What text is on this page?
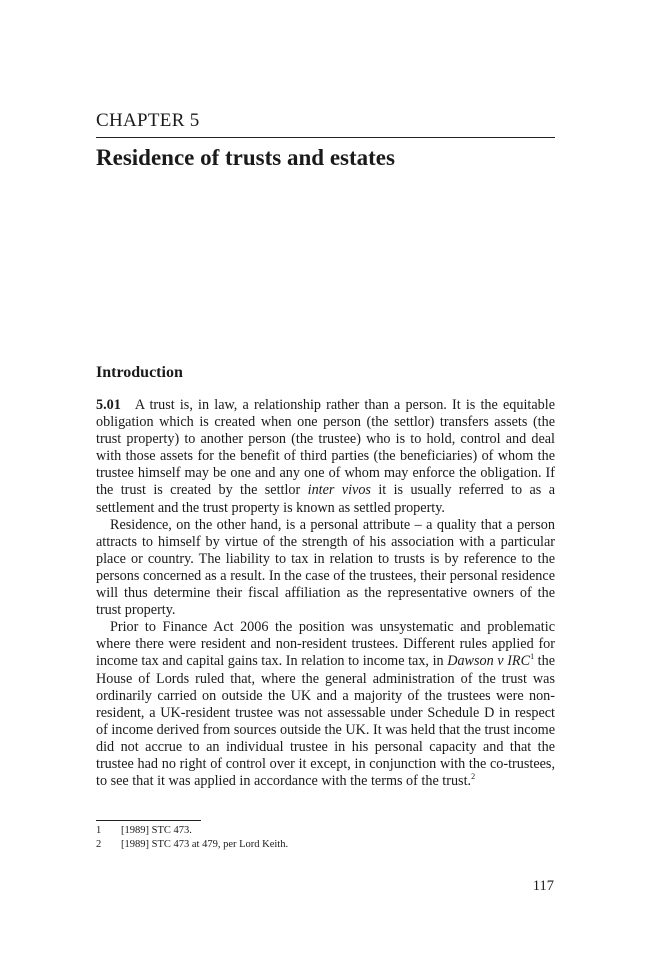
CHAPTER 5
Residence of trusts and estates
Introduction

5.01 A trust is, in law, a relationship rather than a person. It is the equitable obligation which is created when one person (the settlor) transfers assets (the trust property) to another person (the trustee) who is to hold, control and deal with those assets for the benefit of third parties (the beneficiaries) of whom the trustee himself may be one and any one of whom may enforce the obligation. If the trust is created by the settlor inter vivos it is usually referred to as a settlement and the trust property is known as settled property.

Residence, on the other hand, is a personal attribute – a quality that a person attracts to himself by virtue of the strength of his association with a particular place or country. The liability to tax in relation to trusts is by reference to the persons concerned as a result. In the case of the trustees, their personal residence will thus determine their fiscal affiliation as the representative owners of the trust property.

Prior to Finance Act 2006 the position was unsystematic and problematic where there were resident and non-resident trustees. Different rules applied for income tax and capital gains tax. In relation to income tax, in Dawson v IRC$^1$ the House of Lords ruled that, where the general administration of the trust was ordinarily carried on outside the UK and a majority of the trustees were non-resident, a UK-resident trustee was not assessable under Schedule D in respect of income derived from sources outside the UK. It was held that the trust income did not accrue to an individual trustee in his personal capacity and that the trustee had no right of control over it except, in conjunction with the co-trustees, to see that it was applied in accordance with the terms of the trust.$^2$

1	[1989] STC 473.
2	[1989] STC 473 at 479, per Lord Keith.
117
